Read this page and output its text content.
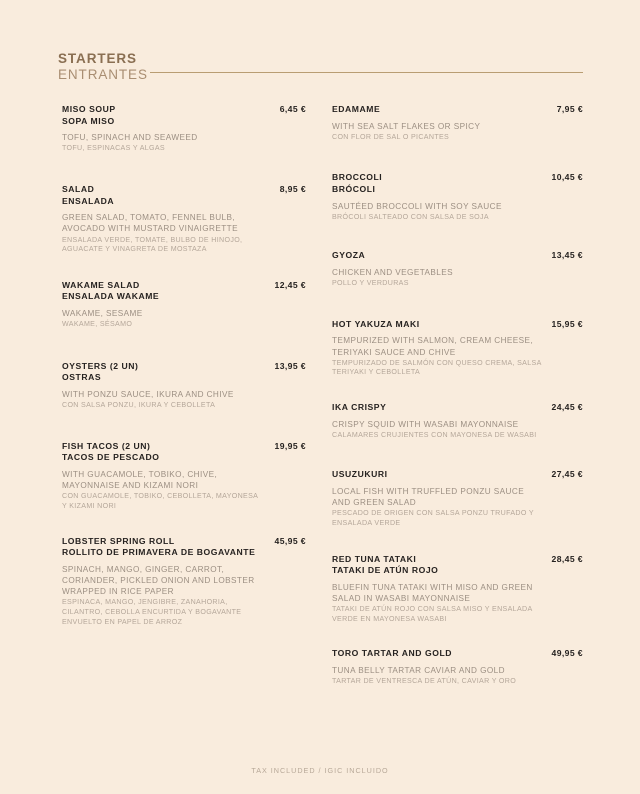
STARTERS
ENTRANTES
MISO SOUP
SOPA MISO
6,45 €
TOFU, SPINACH AND SEAWEED
TOFU, ESPINACAS Y ALGAS
SALAD
ENSALADA
8,95 €
GREEN SALAD, TOMATO, FENNEL BULB,
AVOCADO WITH MUSTARD VINAIGRETTE
ENSALADA VERDE, TOMATE, BULBO DE HINOJO,
AGUACATE Y VINAGRETA DE MOSTAZA
WAKAME SALAD
ENSALADA WAKAME
12,45 €
WAKAME, SESAME
WAKAME, SÉSAMO
OYSTERS (2 UN)
OSTRAS
13,95 €
WITH PONZU SAUCE, IKURA AND CHIVE
CON SALSA PONZU, IKURA Y CEBOLLETA
FISH TACOS (2 UN)
TACOS DE PESCADO
19,95 €
WITH GUACAMOLE, TOBIKO, CHIVE,
MAYONNAISE AND KIZAMI NORI
CON GUACAMOLE, TOBIKO, CEBOLLETA, MAYONESA
Y KIZAMI NORI
LOBSTER SPRING ROLL
ROLLITO DE PRIMAVERA DE BOGAVANTE
45,95 €
SPINACH, MANGO, GINGER, CARROT,
CORIANDER, PICKLED ONION AND LOBSTER
WRAPPED IN RICE PAPER
ESPINACA, MANGO, JENGIBRE, ZANAHORIA,
CILANTRO, CEBOLLA ENCURTIDA Y BOGAVANTE
ENVUELTO EN PAPEL DE ARROZ
EDAMAME	7,95 €
WITH SEA SALT FLAKES OR SPICY
CON FLOR DE SAL O PICANTES
BROCCOLI
BRÓCOLI
10,45 €
SAUTÉED BROCCOLI WITH SOY SAUCE
BRÓCOLI SALTEADO CON SALSA DE SOJA
GYOZA	13,45 €
CHICKEN AND VEGETABLES
POLLO Y VERDURAS
HOT YAKUZA MAKI	15,95 €
TEMPURIZED WITH SALMON, CREAM CHEESE,
TERIYAKI SAUCE AND CHIVE
TEMPURIZADO DE SALMÓN CON QUESO CREMA, SALSA
TERIYAKI Y CEBOLLETA
IKA CRISPY	24,45 €
CRISPY SQUID WITH WASABI MAYONNAISE
CALAMARES CRUJIENTES CON MAYONESA DE WASABI
USUZUKURI	27,45 €
LOCAL FISH WITH TRUFFLED PONZU SAUCE
AND GREEN SALAD
PESCADO DE ORIGEN CON SALSA PONZU TRUFADO Y
ENSALADA VERDE
RED TUNA TATAKI
TATAKI DE ATÚN ROJO
28,45 €
BLUEFIN TUNA TATAKI WITH MISO AND GREEN
SALAD IN WASABI MAYONNAISE
TATAKI DE ATÚN ROJO CON SALSA MISO Y ENSALADA
VERDE EN MAYONESA WASABI
TORO TARTAR AND GOLD	49,95 €
TUNA BELLY TARTAR CAVIAR AND GOLD
TARTAR DE VENTRESCA DE ATÚN, CAVIAR Y ORO
TAX INCLUDED / IGIC INCLUIDO
